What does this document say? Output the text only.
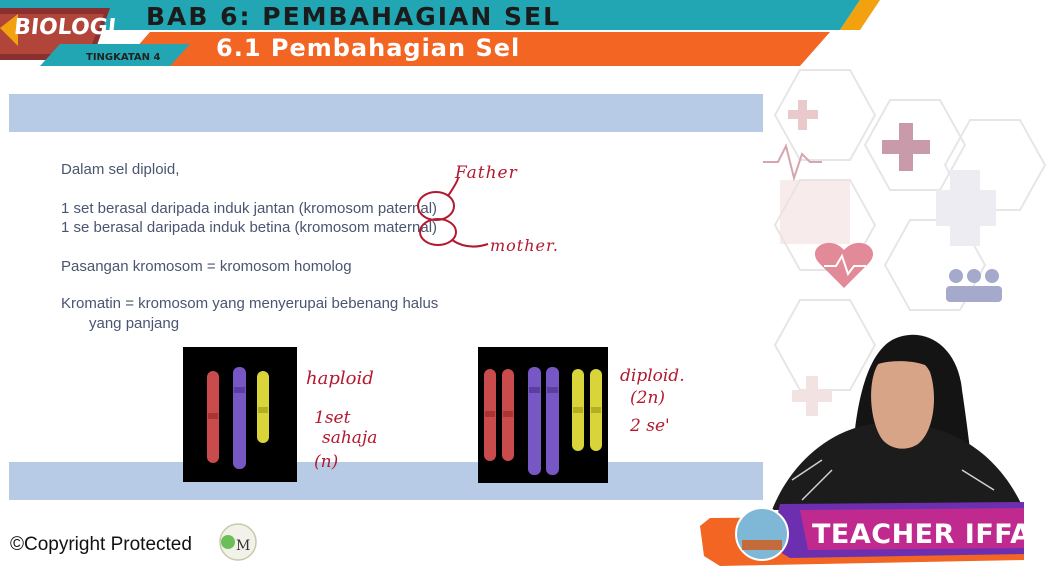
BIOLOGI
TINGKATAN 4
BAB 6: PEMBAHAGIAN SEL
6.1 Pembahagian Sel
Dalam sel diploid,
1 set berasal daripada induk jantan (kromosom paternal)
1 se berasal daripada induk betina (kromosom maternal)
Pasangan kromosom = kromosom homolog
Kromatin = kromosom yang menyerupai bebenang halus
yang panjang
Father
mother.
haploid
1set
sahaja
(n)
diploid.
(2n)
2 se'
TEACHER IFFAH
©Copyright Protected	M
